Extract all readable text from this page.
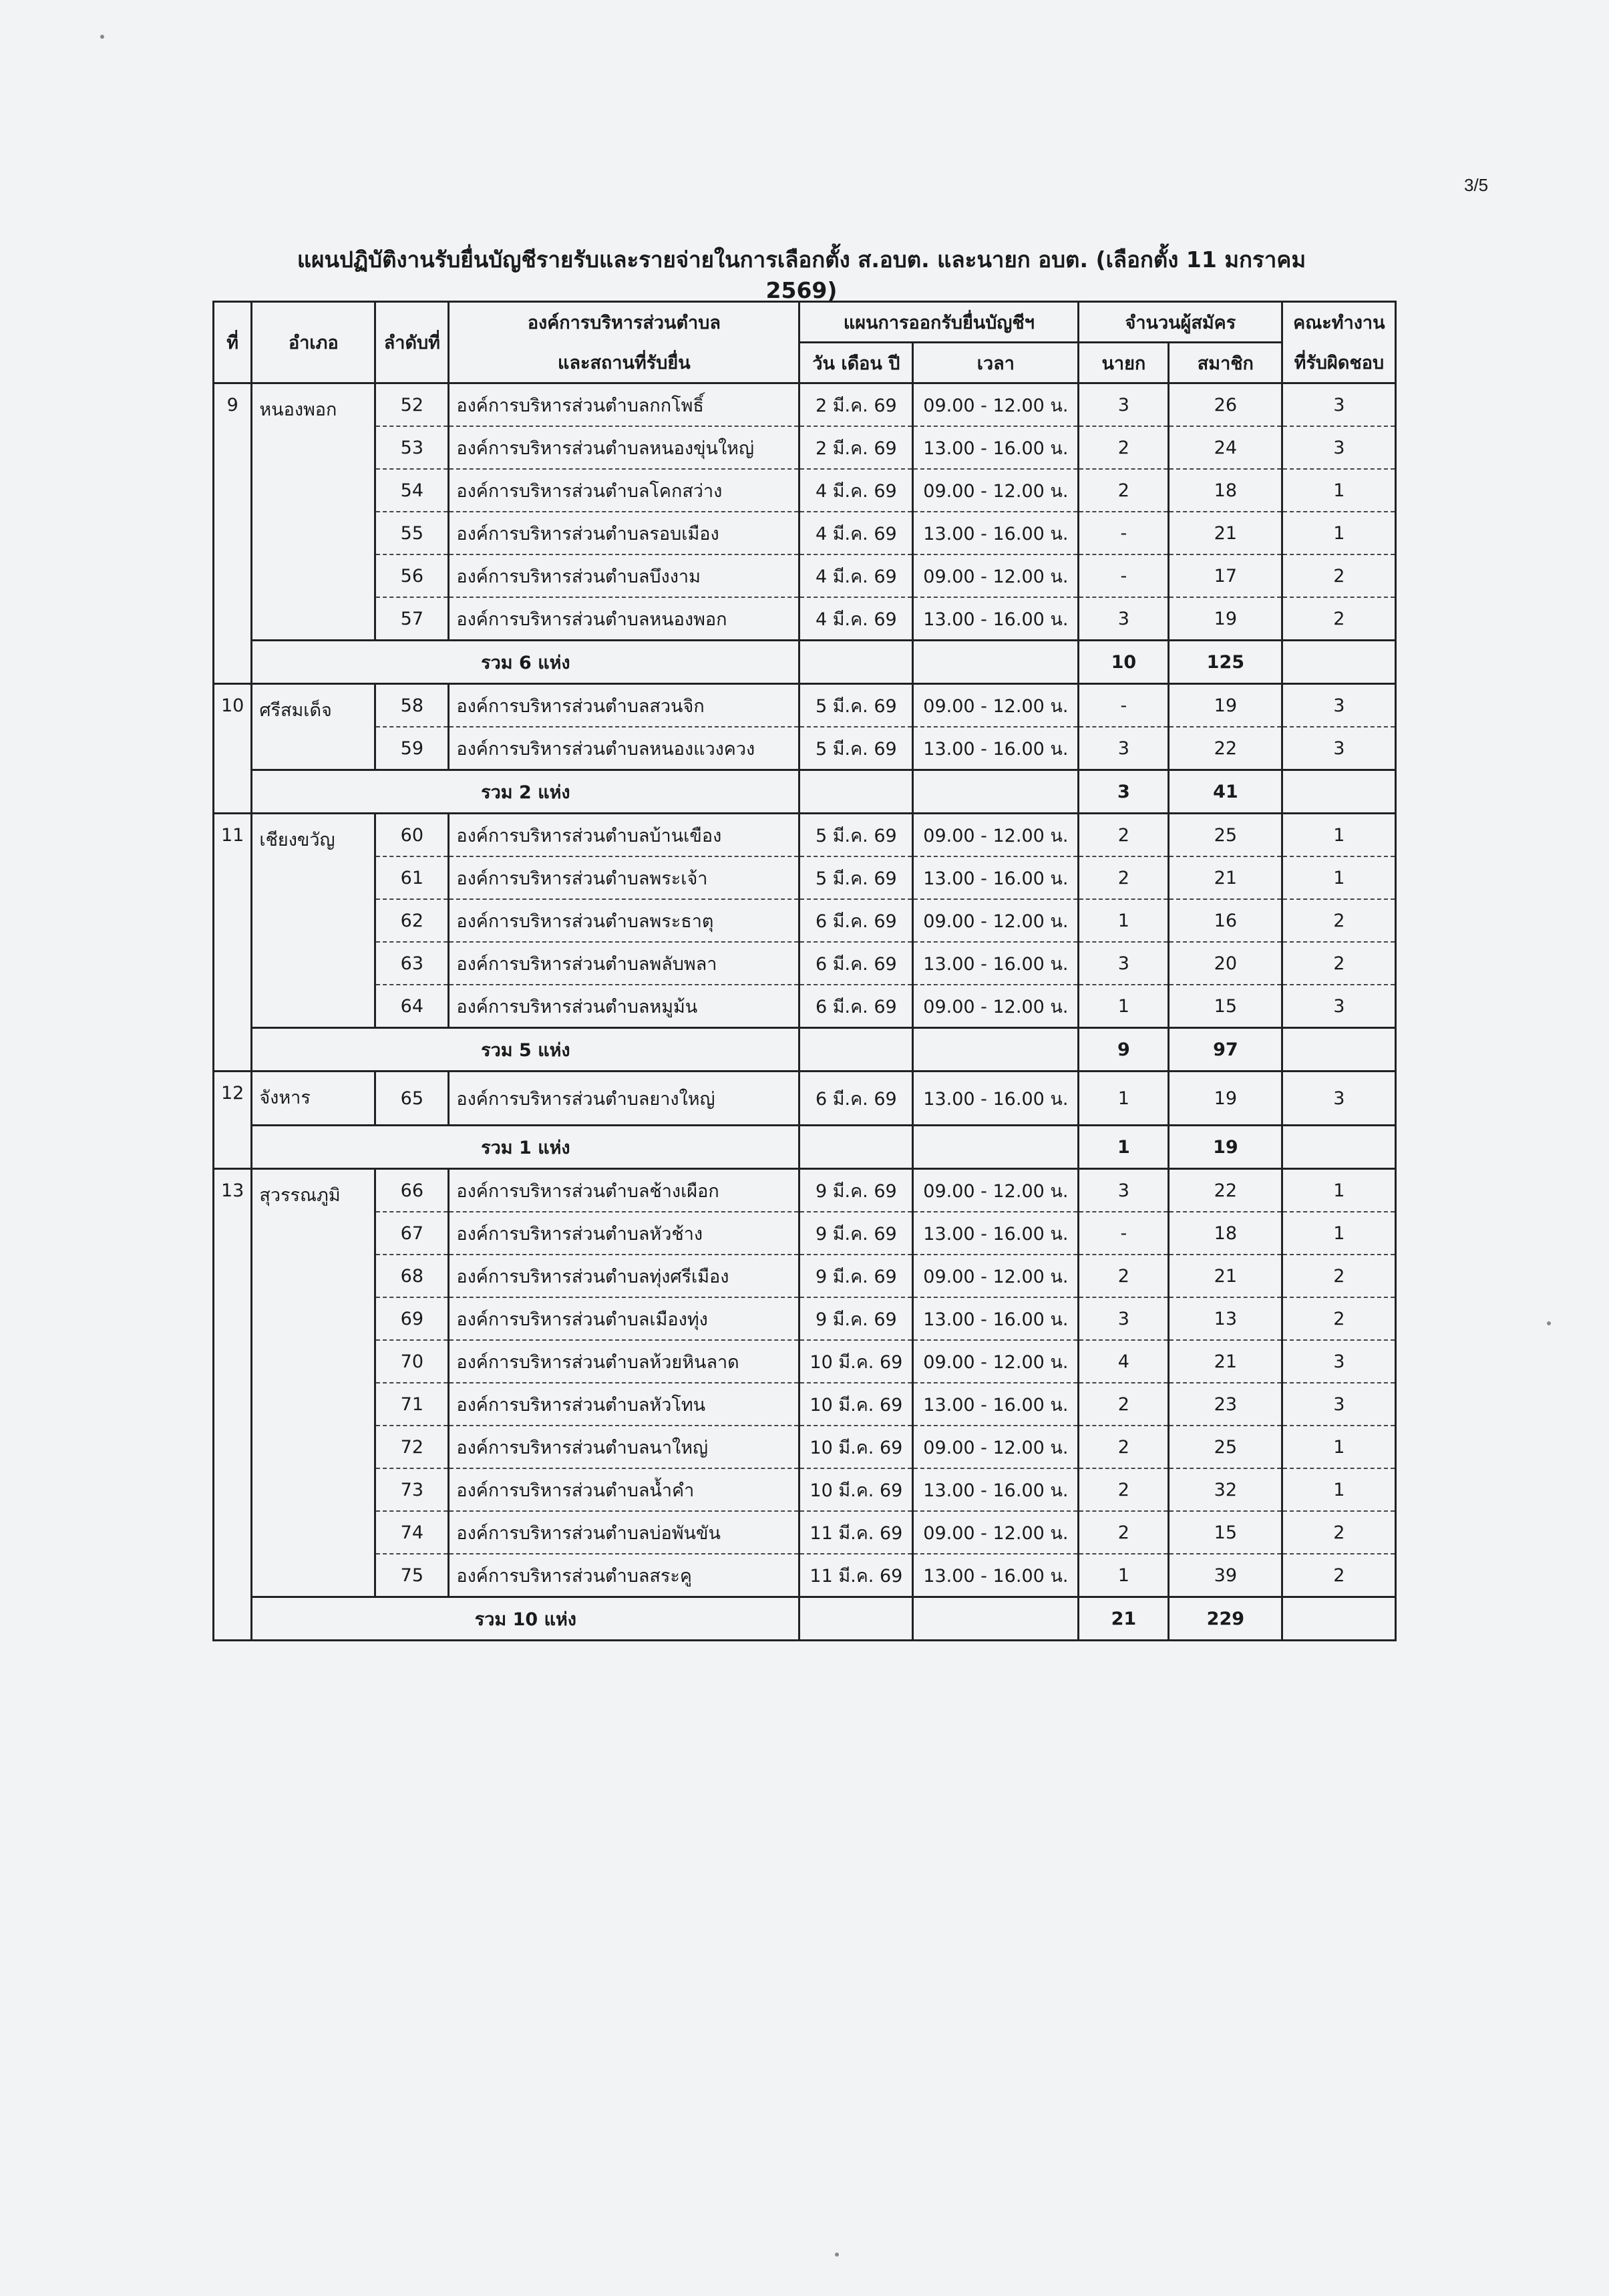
3/5
แผนปฏิบัติงานรับยื่นบัญชีรายรับและรายจ่ายในการเลือกตั้ง ส.อบต. และนายก อบต. (เลือกตั้ง 11 มกราคม 2569)
ที่	อำเภอ	ลำดับที่	องค์การบริหารส่วนตำบล	แผนการออกรับยื่นบัญชีฯ		จำนวนผู้สมัคร		คณะทำงาน
			และสถานที่รับยื่น	วัน เดือน ปี	เวลา	นายก	สมาชิก	ที่รับผิดชอบ
9	หนองพอก	52	องค์การบริหารส่วนตำบลกกโพธิ์	2 มี.ค. 69	09.00 - 12.00 น.	3	26	3
		53	องค์การบริหารส่วนตำบลหนองขุ่นใหญ่	2 มี.ค. 69	13.00 - 16.00 น.	2	24	3
		54	องค์การบริหารส่วนตำบลโคกสว่าง	4 มี.ค. 69	09.00 - 12.00 น.	2	18	1
		55	องค์การบริหารส่วนตำบลรอบเมือง	4 มี.ค. 69	13.00 - 16.00 น.	-	21	1
		56	องค์การบริหารส่วนตำบลบึงงาม	4 มี.ค. 69	09.00 - 12.00 น.	-	17	2
		57	องค์การบริหารส่วนตำบลหนองพอก	4 มี.ค. 69	13.00 - 16.00 น.	3	19	2
	รวม 6 แห่ง					10	125	
10	ศรีสมเด็จ	58	องค์การบริหารส่วนตำบลสวนจิก	5 มี.ค. 69	09.00 - 12.00 น.	-	19	3
		59	องค์การบริหารส่วนตำบลหนองแวงควง	5 มี.ค. 69	13.00 - 16.00 น.	3	22	3
	รวม 2 แห่ง					3	41	
11	เชียงขวัญ	60	องค์การบริหารส่วนตำบลบ้านเขือง	5 มี.ค. 69	09.00 - 12.00 น.	2	25	1
		61	องค์การบริหารส่วนตำบลพระเจ้า	5 มี.ค. 69	13.00 - 16.00 น.	2	21	1
		62	องค์การบริหารส่วนตำบลพระธาตุ	6 มี.ค. 69	09.00 - 12.00 น.	1	16	2
		63	องค์การบริหารส่วนตำบลพลับพลา	6 มี.ค. 69	13.00 - 16.00 น.	3	20	2
		64	องค์การบริหารส่วนตำบลหมูม้น	6 มี.ค. 69	09.00 - 12.00 น.	1	15	3
	รวม 5 แห่ง					9	97	
12	จังหาร	65	องค์การบริหารส่วนตำบลยางใหญ่	6 มี.ค. 69	13.00 - 16.00 น.	1	19	3
	รวม 1 แห่ง					1	19	
13	สุวรรณภูมิ	66	องค์การบริหารส่วนตำบลช้างเผือก	9 มี.ค. 69	09.00 - 12.00 น.	3	22	1
		67	องค์การบริหารส่วนตำบลหัวช้าง	9 มี.ค. 69	13.00 - 16.00 น.	-	18	1
		68	องค์การบริหารส่วนตำบลทุ่งศรีเมือง	9 มี.ค. 69	09.00 - 12.00 น.	2	21	2
		69	องค์การบริหารส่วนตำบลเมืองทุ่ง	9 มี.ค. 69	13.00 - 16.00 น.	3	13	2
		70	องค์การบริหารส่วนตำบลห้วยหินลาด	10 มี.ค. 69	09.00 - 12.00 น.	4	21	3
		71	องค์การบริหารส่วนตำบลหัวโทน	10 มี.ค. 69	13.00 - 16.00 น.	2	23	3
		72	องค์การบริหารส่วนตำบลนาใหญ่	10 มี.ค. 69	09.00 - 12.00 น.	2	25	1
		73	องค์การบริหารส่วนตำบลน้ำคำ	10 มี.ค. 69	13.00 - 16.00 น.	2	32	1
		74	องค์การบริหารส่วนตำบลบ่อพันขัน	11 มี.ค. 69	09.00 - 12.00 น.	2	15	2
		75	องค์การบริหารส่วนตำบลสระคู	11 มี.ค. 69	13.00 - 16.00 น.	1	39	2
	รวม 10 แห่ง					21	229	
